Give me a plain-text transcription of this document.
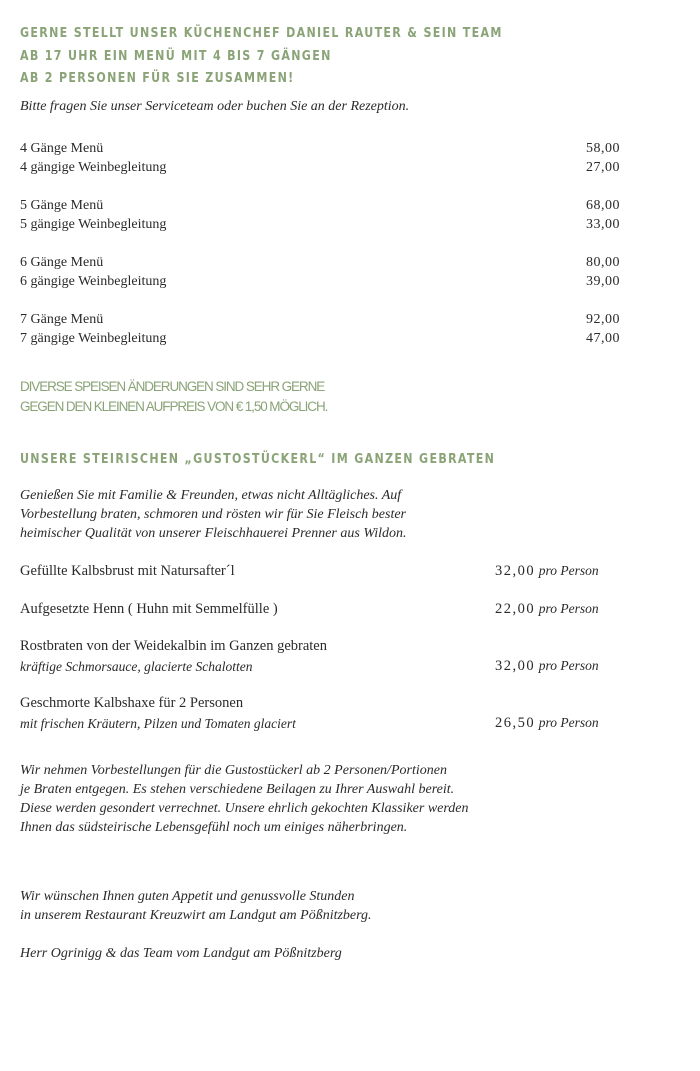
GERNE STELLT UNSER KÜCHENCHEF DANIEL RAUTER & SEIN TEAM
AB 17 UHR EIN MENÜ MIT 4 BIS 7 GÄNGEN
AB 2 PERSONEN FÜR SIE ZUSAMMEN!
Bitte fragen Sie unser Serviceteam oder buchen Sie an der Rezeption.
4 Gänge Menü	58,00
4 gängige Weinbegleitung	27,00
5 Gänge Menü	68,00
5 gängige Weinbegleitung	33,00
6 Gänge Menü	80,00
6 gängige Weinbegleitung	39,00
7 Gänge Menü	92,00
7 gängige Weinbegleitung	47,00
DIVERSE SPEISEN ÄNDERUNGEN SIND SEHR GERNE
GEGEN DEN KLEINEN AUFPREIS VON € 1,50 MÖGLICH.
UNSERE STEIRISCHEN „GUSTOSTÜCKERL“ IM GANZEN GEBRATEN
Genießen Sie mit Familie & Freunden, etwas nicht Alltägliches. Auf
Vorbestellung braten, schmoren und rösten wir für Sie Fleisch bester
heimischer Qualität von unserer Fleischhauerei Prenner aus Wildon.
Gefüllte Kalbsbrust mit Natursafter´l	32,00 pro Person
Aufgesetzte Henn ( Huhn mit Semmelfülle )	22,00 pro Person
Rostbraten von der Weidekalbin im Ganzen gebraten
kräftige Schmorsauce, glacierte Schalotten	32,00 pro Person
Geschmorte Kalbshaxe für 2 Personen
mit frischen Kräutern, Pilzen und Tomaten glaciert	26,50 pro Person
Wir nehmen Vorbestellungen für die Gustostückerl ab 2 Personen/Portionen
je Braten entgegen. Es stehen verschiedene Beilagen zu Ihrer Auswahl bereit.
Diese werden gesondert verrechnet. Unsere ehrlich gekochten Klassiker werden
Ihnen das südsteirische Lebensgefühl noch um einiges näherbringen.
Wir wünschen Ihnen guten Appetit und genussvolle Stunden
in unserem Restaurant Kreuzwirt am Landgut am Pößnitzberg.
Herr Ogrinigg & das Team vom Landgut am Pößnitzberg
